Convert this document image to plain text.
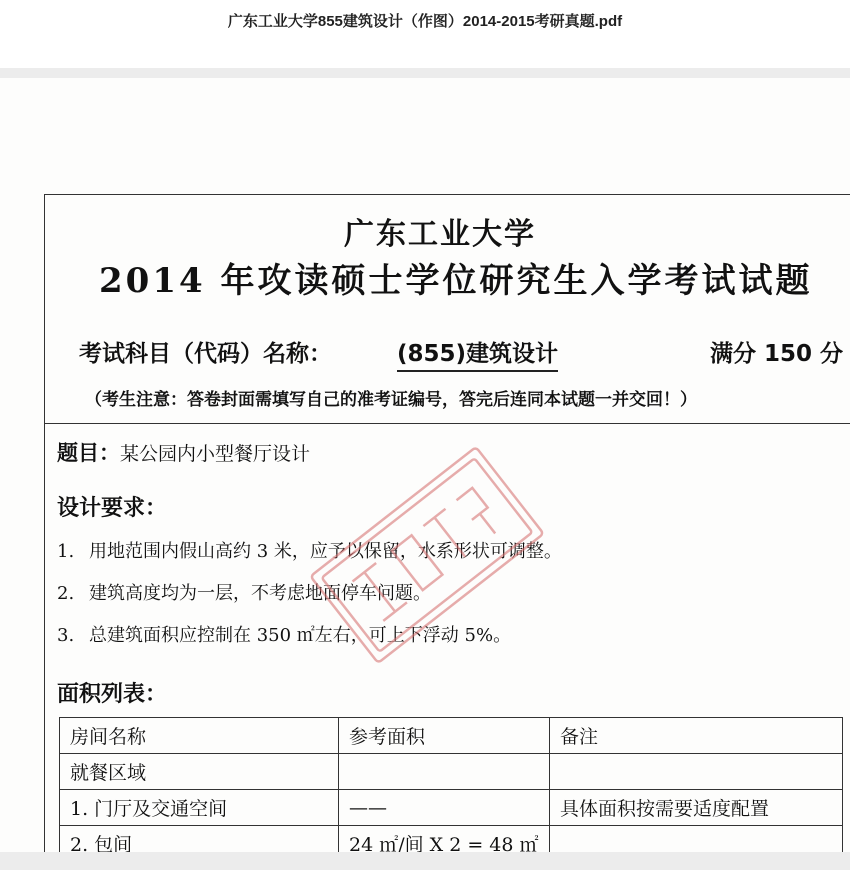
广东工业大学855建筑设计（作图）2014-2015考研真题.pdf
广东工业大学
2014 年攻读硕士学位研究生入学考试试题
考试科目（代码）名称：	(855)建筑设计	满分 150 分
（考生注意：答卷封面需填写自己的准考证编号，答完后连同本试题一并交回！）
题目：某公园内小型餐厅设计
设计要求：
1. 用地范围内假山高约 3 米，应予以保留，水系形状可调整。
2. 建筑高度均为一层，不考虑地面停车问题。
3. 总建筑面积应控制在 350 ㎡左右，可上下浮动 5%。
面积列表：
房间名称	参考面积	备注
就餐区域		
1. 门厅及交通空间	——	具体面积按需要适度配置
2. 包间	24 ㎡/间 X 2 = 48 ㎡	
